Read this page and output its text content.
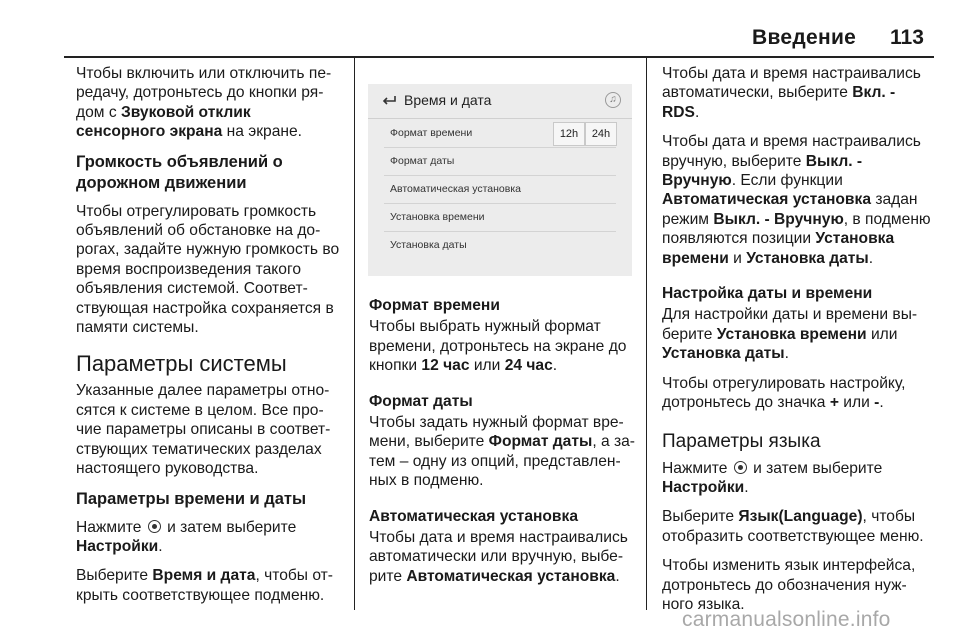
Введение 113

Чтобы включить или отключить пе-редачу, дотроньтесь до кнопки ря-дом с Звуковой отклик сенсорного экрана на экране.

Громкость объявлений о дорожном движении

Чтобы отрегулировать громкость объявлений об обстановке на до-рогах, задайте нужную громкость во время воспроизведения такого объявления системой. Соответ-ствующая настройка сохраняется в памяти системы.

Параметры системы

Указанные далее параметры отно-сятся к системе в целом. Все про-чие параметры описаны в соответ-ствующих тематических разделах настоящего руководства.

Параметры времени и даты

Нажмите  и затем выберите Настройки.

Выберите Время и дата, чтобы от-крыть соответствующее подменю.

Время и дата	♫
Формат времени	12h	24h
Формат даты
Автоматическая установка
Установка времени
Установка даты
Формат времени

Чтобы выбрать нужный формат времени, дотроньтесь на экране до кнопки 12 час или 24 час.

Формат даты

Чтобы задать нужный формат вре-мени, выберите Формат даты, а за-тем – одну из опций, представлен-ных в подменю.

Автоматическая установка

Чтобы дата и время настраивались автоматически или вручную, выбе-рите Автоматическая установка.

Чтобы дата и время настраивались автоматически, выберите Вкл. - RDS.

Чтобы дата и время настраивались вручную, выберите Выкл. - Вручную. Если функции Автоматическая установка задан режим Выкл. - Вручную, в подменю появляются позиции Установка времени и Установка даты.

Настройка даты и времени

Для настройки даты и времени вы-берите Установка времени или Установка даты.

Чтобы отрегулировать настройку, дотроньтесь до значка + или -.

Параметры языка

Нажмите  и затем выберите Настройки.

Выберите Язык(Language), чтобы отобразить соответствующее меню.

Чтобы изменить язык интерфейса, дотроньтесь до обозначения нуж-ного языка.

carmanualsonline.info
